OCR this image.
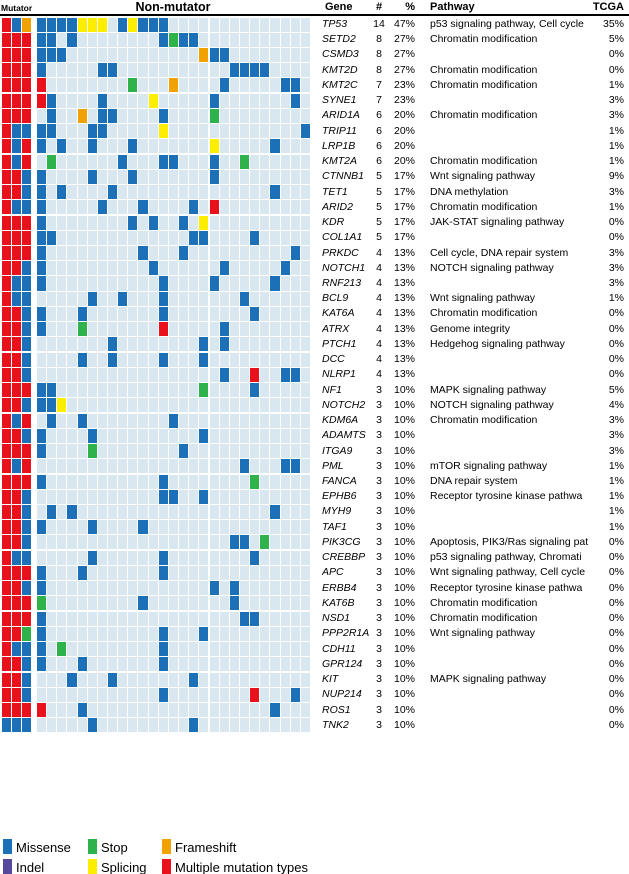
Mutator	Non-mutator	Gene	#	% Pathway	TCGA
TP53	14 47% p53 signaling pathway, Cell cycle	35%
SETD2	8	27% Chromatin modification	5%
CSMD3	8	27%	0%
KMT2D	8	27% Chromatin modification	0%
KMT2C	7	23% Chromatin modification	1%
SYNE1	7	23%	3%
ARID1A	6	20% Chromatin modification	3%
TRIP11	6	20%	1%
LRP1B	6	20%	1%
KMT2A	6	20% Chromatin modification	1%
CTNNB1	5	17% Wnt signaling pathway	9%
TET1	5	17% DNA methylation	3%
ARID2	5	17% Chromatin modification	1%
KDR	5	17% JAK-STAT signaling pathway	0%
COL1A1	5	17%	0%
PRKDC	4	13% Cell cycle, DNA repair system	3%
NOTCH1	4	13% NOTCH signaling pathway	3%
RNF213	4	13%	3%
BCL9	4	13% Wnt signaling pathway	1%
KAT6A	4	13% Chromatin modification	0%
ATRX	4	13% Genome integrity	0%
PTCH1	4	13% Hedgehog signaling pathway	0%
DCC	4	13%	0%
NLRP1	4	13%	0%
NF1	3	10% MAPK signaling pathway	5%
NOTCH2	3	10% NOTCH signaling pathway	4%
KDM6A	3	10% Chromatin modification	3%
ADAMTS 3	10%	3%
ITGA9	3	10%	3%
PML	3	10% mTOR signaling pathway	1%
FANCA	3	10% DNA repair system	1%
EPHB6	3	10% Receptor tyrosine kinase pathwa	1%
MYH9	3	10%	1%
TAF1	3	10%	1%
PIK3CG	3	10% Apoptosis, PIK3/Ras signaling pat	0%
CREBBP	3	10% p53 signaling pathway, Chromati	0%
APC	3	10% Wnt signaling pathway, Cell cycle	0%
ERBB4	3	10% Receptor tyrosine kinase pathwa	0%
KAT6B	3	10% Chromatin modification	0%
NSD1	3	10% Chromatin modification	0%
PPP2R1A 3	10% Wnt signaling pathway	0%
CDH11	3	10%	0%
GPR124	3	10%	0%
KIT	3	10% MAPK signaling pathway	0%
NUP214	3	10%	0%
ROS1	3	10%	0%
TNK2	3	10%	0%
Missense Stop	Frameshift
Indel	Splicing Multiple mutation types
